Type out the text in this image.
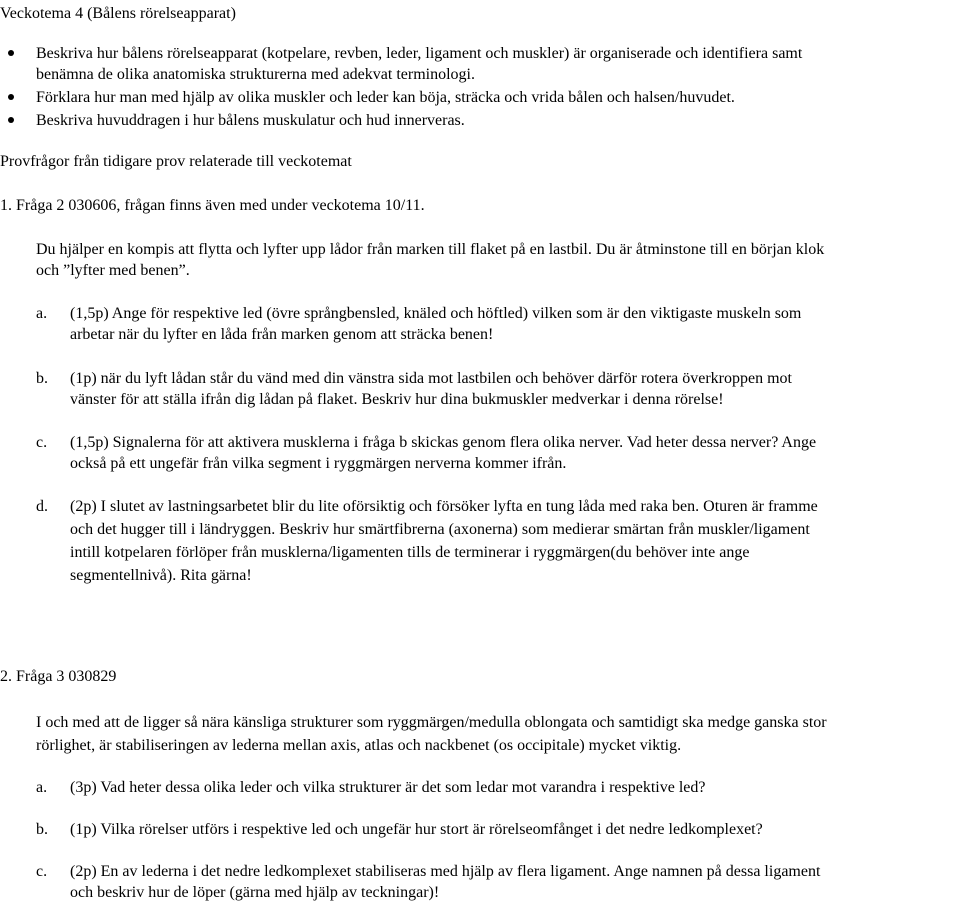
Veckotema 4 (Bålens rörelseapparat)
Beskriva hur bålens rörelseapparat (kotpelare, revben, leder, ligament och muskler) är organiserade och identifiera samt
benämna de olika anatomiska strukturerna med adekvat terminologi.
Förklara hur man med hjälp av olika muskler och leder kan böja, sträcka och vrida bålen och halsen/huvudet.
Beskriva huvuddragen i hur bålens muskulatur och hud innerveras.
Provfrågor från tidigare prov relaterade till veckotemat
1. Fråga 2 030606, frågan finns även med under veckotema 10/11.
Du hjälper en kompis att flytta och lyfter upp lådor från marken till flaket på en lastbil. Du är åtminstone till en början klok
och ”lyfter med benen”.
a. (1,5p) Ange för respektive led (övre språngbensled, knäled och höftled) vilken som är den viktigaste muskeln som
arbetar när du lyfter en låda från marken genom att sträcka benen!
b. (1p) när du lyft lådan står du vänd med din vänstra sida mot lastbilen och behöver därför rotera överkroppen mot
vänster för att ställa ifrån dig lådan på flaket. Beskriv hur dina bukmuskler medverkar i denna rörelse!
c. (1,5p) Signalerna för att aktivera musklerna i fråga b skickas genom flera olika nerver. Vad heter dessa nerver? Ange
också på ett ungefär från vilka segment i ryggmärgen nerverna kommer ifrån.
d. (2p) I slutet av lastningsarbetet blir du lite oförsiktig och försöker lyfta en tung låda med raka ben. Oturen är framme
och det hugger till i ländryggen. Beskriv hur smärtfibrerna (axonerna) som medierar smärtan från muskler/ligament
intill kotpelaren förlöper från musklerna/ligamenten tills de terminerar i ryggmärgen(du behöver inte ange
segmentellnivå). Rita gärna!
2. Fråga 3 030829
I och med att de ligger så nära känsliga strukturer som ryggmärgen/medulla oblongata och samtidigt ska medge ganska stor
rörlighet, är stabiliseringen av lederna mellan axis, atlas och nackbenet (os occipitale) mycket viktig.
a. (3p) Vad heter dessa olika leder och vilka strukturer är det som ledar mot varandra i respektive led?
b. (1p) Vilka rörelser utförs i respektive led och ungefär hur stort är rörelseomfånget i det nedre ledkomplexet?
c. (2p) En av lederna i det nedre ledkomplexet stabiliseras med hjälp av flera ligament. Ange namnen på dessa ligament
och beskriv hur de löper (gärna med hjälp av teckningar)!
